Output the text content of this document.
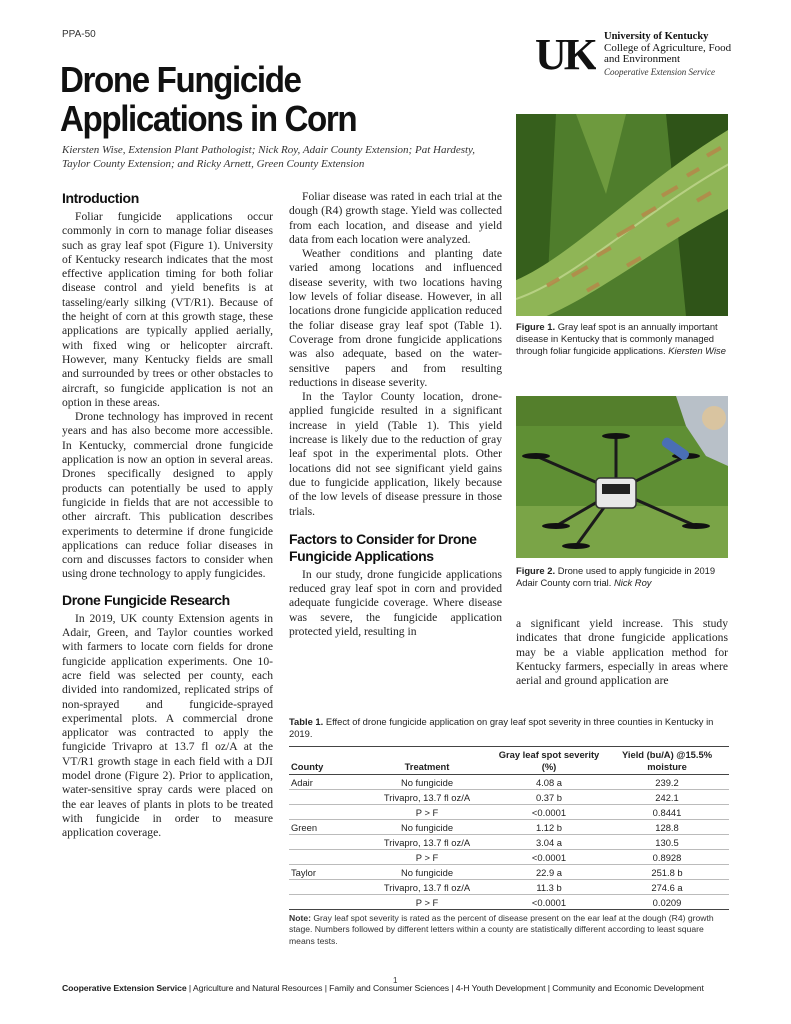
PPA-50	UK University of Kentucky
College of Agriculture, Food and Environment
Cooperative Extension Service
Drone Fungicide Applications in Corn
Kiersten Wise, Extension Plant Pathologist; Nick Roy, Adair County Extension; Pat Hardesty, Taylor County Extension; and Ricky Arnett, Green County Extension
Introduction

Foliar fungicide applications occur commonly in corn to manage foliar diseases such as gray leaf spot (Figure 1). University of Kentucky research indicates that the most effective application timing for both foliar disease control and yield benefits is at tasseling/early silking (VT/R1). Because of the height of corn at this growth stage, these applications are typically applied aerially, with fixed wing or helicopter aircraft. However, many Kentucky fields are small and surrounded by trees or other obstacles to aircraft, so fungicide application is not an option in these areas.

Drone technology has improved in recent years and has also become more accessible. In Kentucky, commercial drone fungicide application is now an option in several areas. Drones specifically designed to apply products can potentially be used to apply fungicide in fields that are not accessible to other aircraft. This publication describes experiments to determine if drone fungicide applications can reduce foliar diseases in corn and discusses factors to consider when using drone technology to apply fungicides.

Drone Fungicide Research

In 2019, UK county Extension agents in Adair, Green, and Taylor counties worked with farmers to locate corn fields for drone fungicide application experiments. One 10-acre field was selected per county, each divided into randomized, replicated strips of non-sprayed and fungicide-sprayed experimental plots. A commercial drone applicator was contracted to apply the fungicide Trivapro at 13.7 fl oz/A at the VT/R1 growth stage in each field with a DJI model drone (Figure 2). Prior to application, water-sensitive spray cards were placed on the ear leaves of plants in plots to be treated with fungicide in order to measure application coverage.

Foliar disease was rated in each trial at the dough (R4) growth stage. Yield was collected from each location, and disease and yield data from each location were analyzed.

Weather conditions and planting date varied among locations and influenced disease severity, with two locations having low levels of foliar disease. However, in all locations drone fungicide application reduced the foliar disease gray leaf spot (Table 1). Coverage from drone fungicide applications was also adequate, based on the water-sensitive papers and from resulting reductions in disease severity.

In the Taylor County location, drone-applied fungicide resulted in a significant increase in yield (Table 1). This yield increase is likely due to the reduction of gray leaf spot in the experimental plots. Other locations did not see significant yield gains due to fungicide application, likely because of the low levels of disease pressure in those trials.

Factors to Consider for Drone Fungicide Applications

In our study, drone fungicide applications reduced gray leaf spot in corn and provided adequate fungicide coverage. Where disease was severe, the fungicide application protected yield, resulting in

Figure 1. Gray leaf spot is an annually important disease in Kentucky that is commonly managed through foliar fungicide applications. Kiersten Wise
Figure 2. Drone used to apply fungicide in 2019 Adair County corn trial. Nick Roy

a significant yield increase. This study indicates that drone fungicide applications may be a viable application method for Kentucky farmers, especially in areas where aerial and ground application are

Table 1. Effect of drone fungicide application on gray leaf spot severity in three counties in Kentucky in 2019.
County	Treatment	Gray leaf spot severity (%)	Yield (bu/A) @15.5% moisture
Adair	No fungicide	4.08 a	239.2
	Trivapro, 13.7 fl oz/A	0.37 b	242.1
	P > F	<0.0001	0.8441
Green	No fungicide	1.12 b	128.8
	Trivapro, 13.7 fl oz/A	3.04 a	130.5
	P > F	<0.0001	0.8928
Taylor	No fungicide	22.9 a	251.8 b
	Trivapro, 13.7 fl oz/A	11.3 b	274.6 a
	P > F	<0.0001	0.0209
Note: Gray leaf spot severity is rated as the percent of disease present on the ear leaf at the dough (R4) growth stage. Numbers followed by different letters within a county are statistically different according to least square means tests.
1
Cooperative Extension Service | Agriculture and Natural Resources | Family and Consumer Sciences | 4-H Youth Development | Community and Economic Development
